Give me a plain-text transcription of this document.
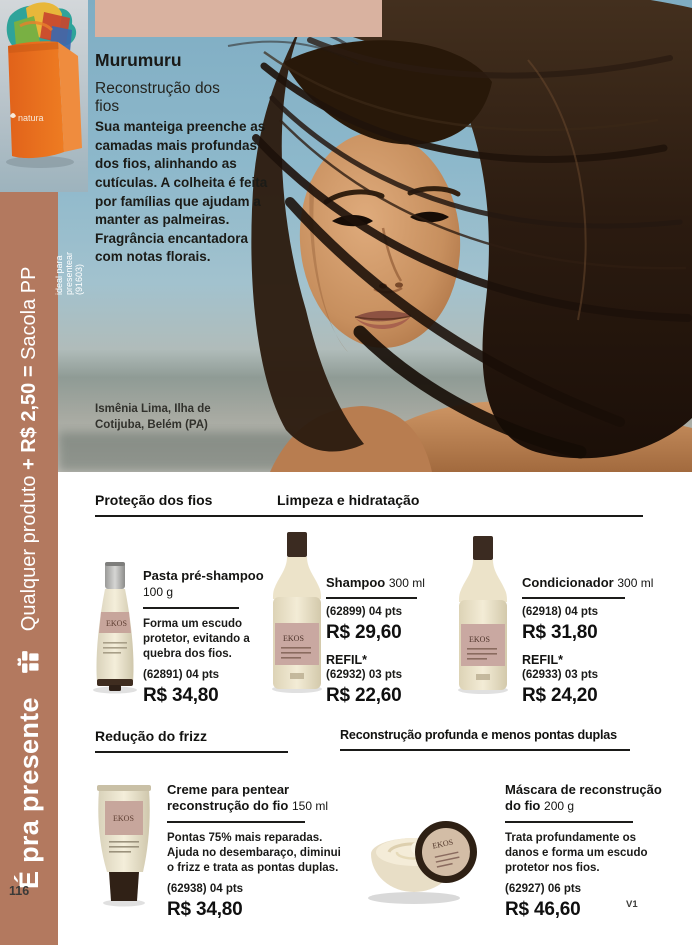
É pra presente
Qualquer produto + R$ 2,50 = Sacola PP ideal para
presentear
(91603)
116
natura
Murumuru
Reconstrução dos fios

Sua manteiga preenche as camadas mais profundas dos fios, alinhando as cutículas. A colheita é feita por famílias que ajudam a manter as palmeiras. Fragrância encantadora com notas florais.

Ismênia Lima, Ilha de Cotijuba, Belém (PA)
Proteção dos fios	Limpeza e hidratação
Redução do frizz	Reconstrução profunda e menos pontas duplas
EKOS
Pasta pré-shampoo 100 g
Forma um escudo protetor, evitando a quebra dos fios.
(62891) 04 pts
R$ 34,80
EKOS
Shampoo 300 ml
(62899) 04 pts
R$ 29,60
REFIL*
(62932) 03 pts
R$ 22,60
EKOS
Condicionador 300 ml
(62918) 04 pts
R$ 31,80
REFIL*
(62933) 03 pts
R$ 24,20
EKOS
Creme para pentear reconstrução do fio 150 ml
Pontas 75% mais reparadas. Ajuda no desembaraço, diminui o frizz e trata as pontas duplas.
(62938) 04 pts
R$ 34,80
EKOS
Máscara de reconstrução do fio 200 g
Trata profundamente os danos e forma um escudo protetor nos fios.
(62927) 06 pts
R$ 46,60	V1
